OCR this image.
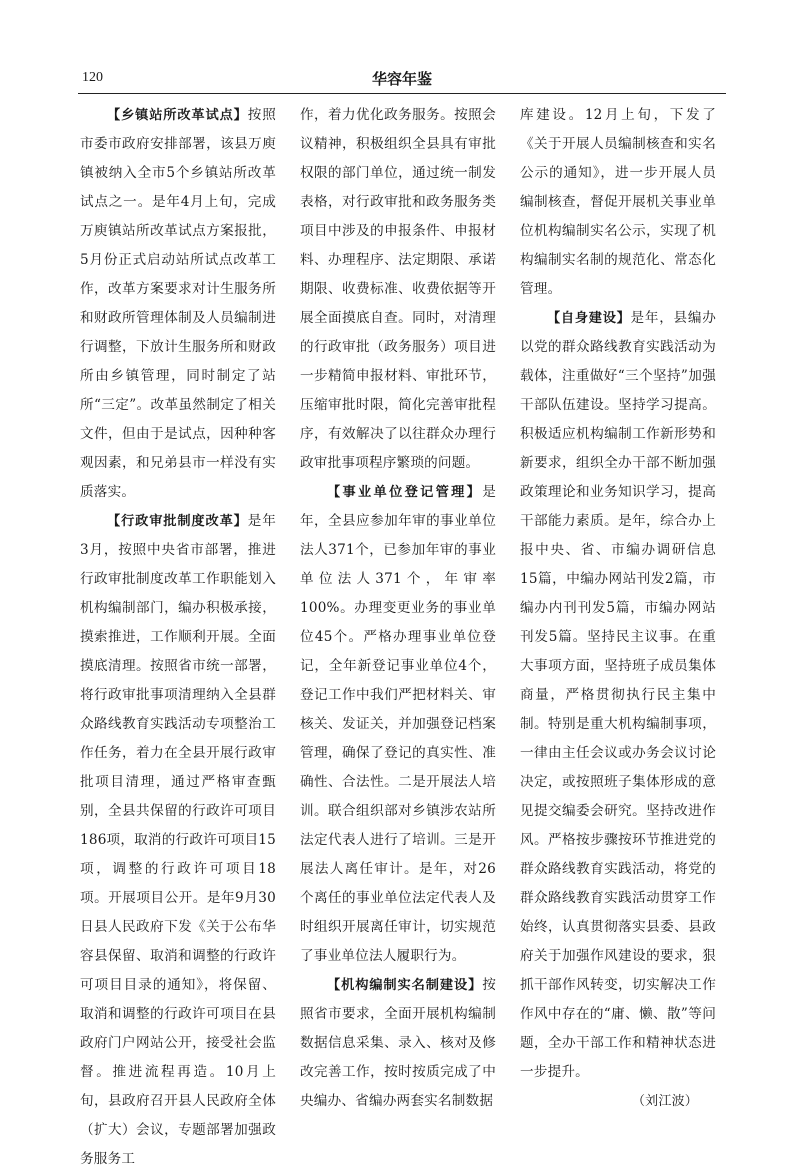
120	华容年鉴

【乡镇站所改革试点】按照市委市政府安排部署，该县万庾镇被纳入全市5个乡镇站所改革试点之一。是年4月上旬，完成万庾镇站所改革试点方案报批，5月份正式启动站所试点改革工作，改革方案要求对计生服务所和财政所管理体制及人员编制进行调整，下放计生服务所和财政所由乡镇管理，同时制定了站所“三定”。改革虽然制定了相关文件，但由于是试点，因种种客观因素，和兄弟县市一样没有实质落实。

【行政审批制度改革】是年3月，按照中央省市部署，推进行政审批制度改革工作职能划入机构编制部门，编办积极承接，摸索推进，工作顺利开展。全面摸底清理。按照省市统一部署，将行政审批事项清理纳入全县群众路线教育实践活动专项整治工作任务，着力在全县开展行政审批项目清理，通过严格审查甄别，全县共保留的行政许可项目186项，取消的行政许可项目15项，调整的行政许可项目18项。开展项目公开。是年9月30日县人民政府下发《关于公布华容县保留、取消和调整的行政许可项目目录的通知》，将保留、取消和调整的行政许可项目在县政府门户网站公开，接受社会监督。推进流程再造。10月上旬，县政府召开县人民政府全体（扩大）会议，专题部署加强政务服务工

作，着力优化政务服务。按照会议精神，积极组织全县具有审批权限的部门单位，通过统一制发表格，对行政审批和政务服务类项目中涉及的申报条件、申报材料、办理程序、法定期限、承诺期限、收费标准、收费依据等开展全面摸底自查。同时，对清理的行政审批（政务服务）项目进一步精简申报材料、审批环节，压缩审批时限，简化完善审批程序，有效解决了以往群众办理行政审批事项程序繁琐的问题。

【事业单位登记管理】是年，全县应参加年审的事业单位法人371个，已参加年审的事业单位法人371个，年审率100%。办理变更业务的事业单位45个。严格办理事业单位登记，全年新登记事业单位4个，登记工作中我们严把材料关、审核关、发证关，并加强登记档案管理，确保了登记的真实性、准确性、合法性。二是开展法人培训。联合组织部对乡镇涉农站所法定代表人进行了培训。三是开展法人离任审计。是年，对26个离任的事业单位法定代表人及时组织开展离任审计，切实规范了事业单位法人履职行为。

【机构编制实名制建设】按照省市要求，全面开展机构编制数据信息采集、录入、核对及修改完善工作，按时按质完成了中央编办、省编办两套实名制数据

库建设。12月上旬，下发了《关于开展人员编制核查和实名公示的通知》，进一步开展人员编制核查，督促开展机关事业单位机构编制实名公示，实现了机构编制实名制的规范化、常态化管理。

【自身建设】是年，县编办以党的群众路线教育实践活动为载体，注重做好“三个坚持”加强干部队伍建设。坚持学习提高。积极适应机构编制工作新形势和新要求，组织全办干部不断加强政策理论和业务知识学习，提高干部能力素质。是年，综合办上报中央、省、市编办调研信息15篇，中编办网站刊发2篇，市编办内刊刊发5篇，市编办网站刊发5篇。坚持民主议事。在重大事项方面，坚持班子成员集体商量，严格贯彻执行民主集中制。特别是重大机构编制事项，一律由主任会议或办务会议讨论决定，或按照班子集体形成的意见提交编委会研究。坚持改进作风。严格按步骤按环节推进党的群众路线教育实践活动，将党的群众路线教育实践活动贯穿工作始终，认真贯彻落实县委、县政府关于加强作风建设的要求，狠抓干部作风转变，切实解决工作作风中存在的“庸、懒、散”等问题，全办干部工作和精神状态进一步提升。

（刘江波）
